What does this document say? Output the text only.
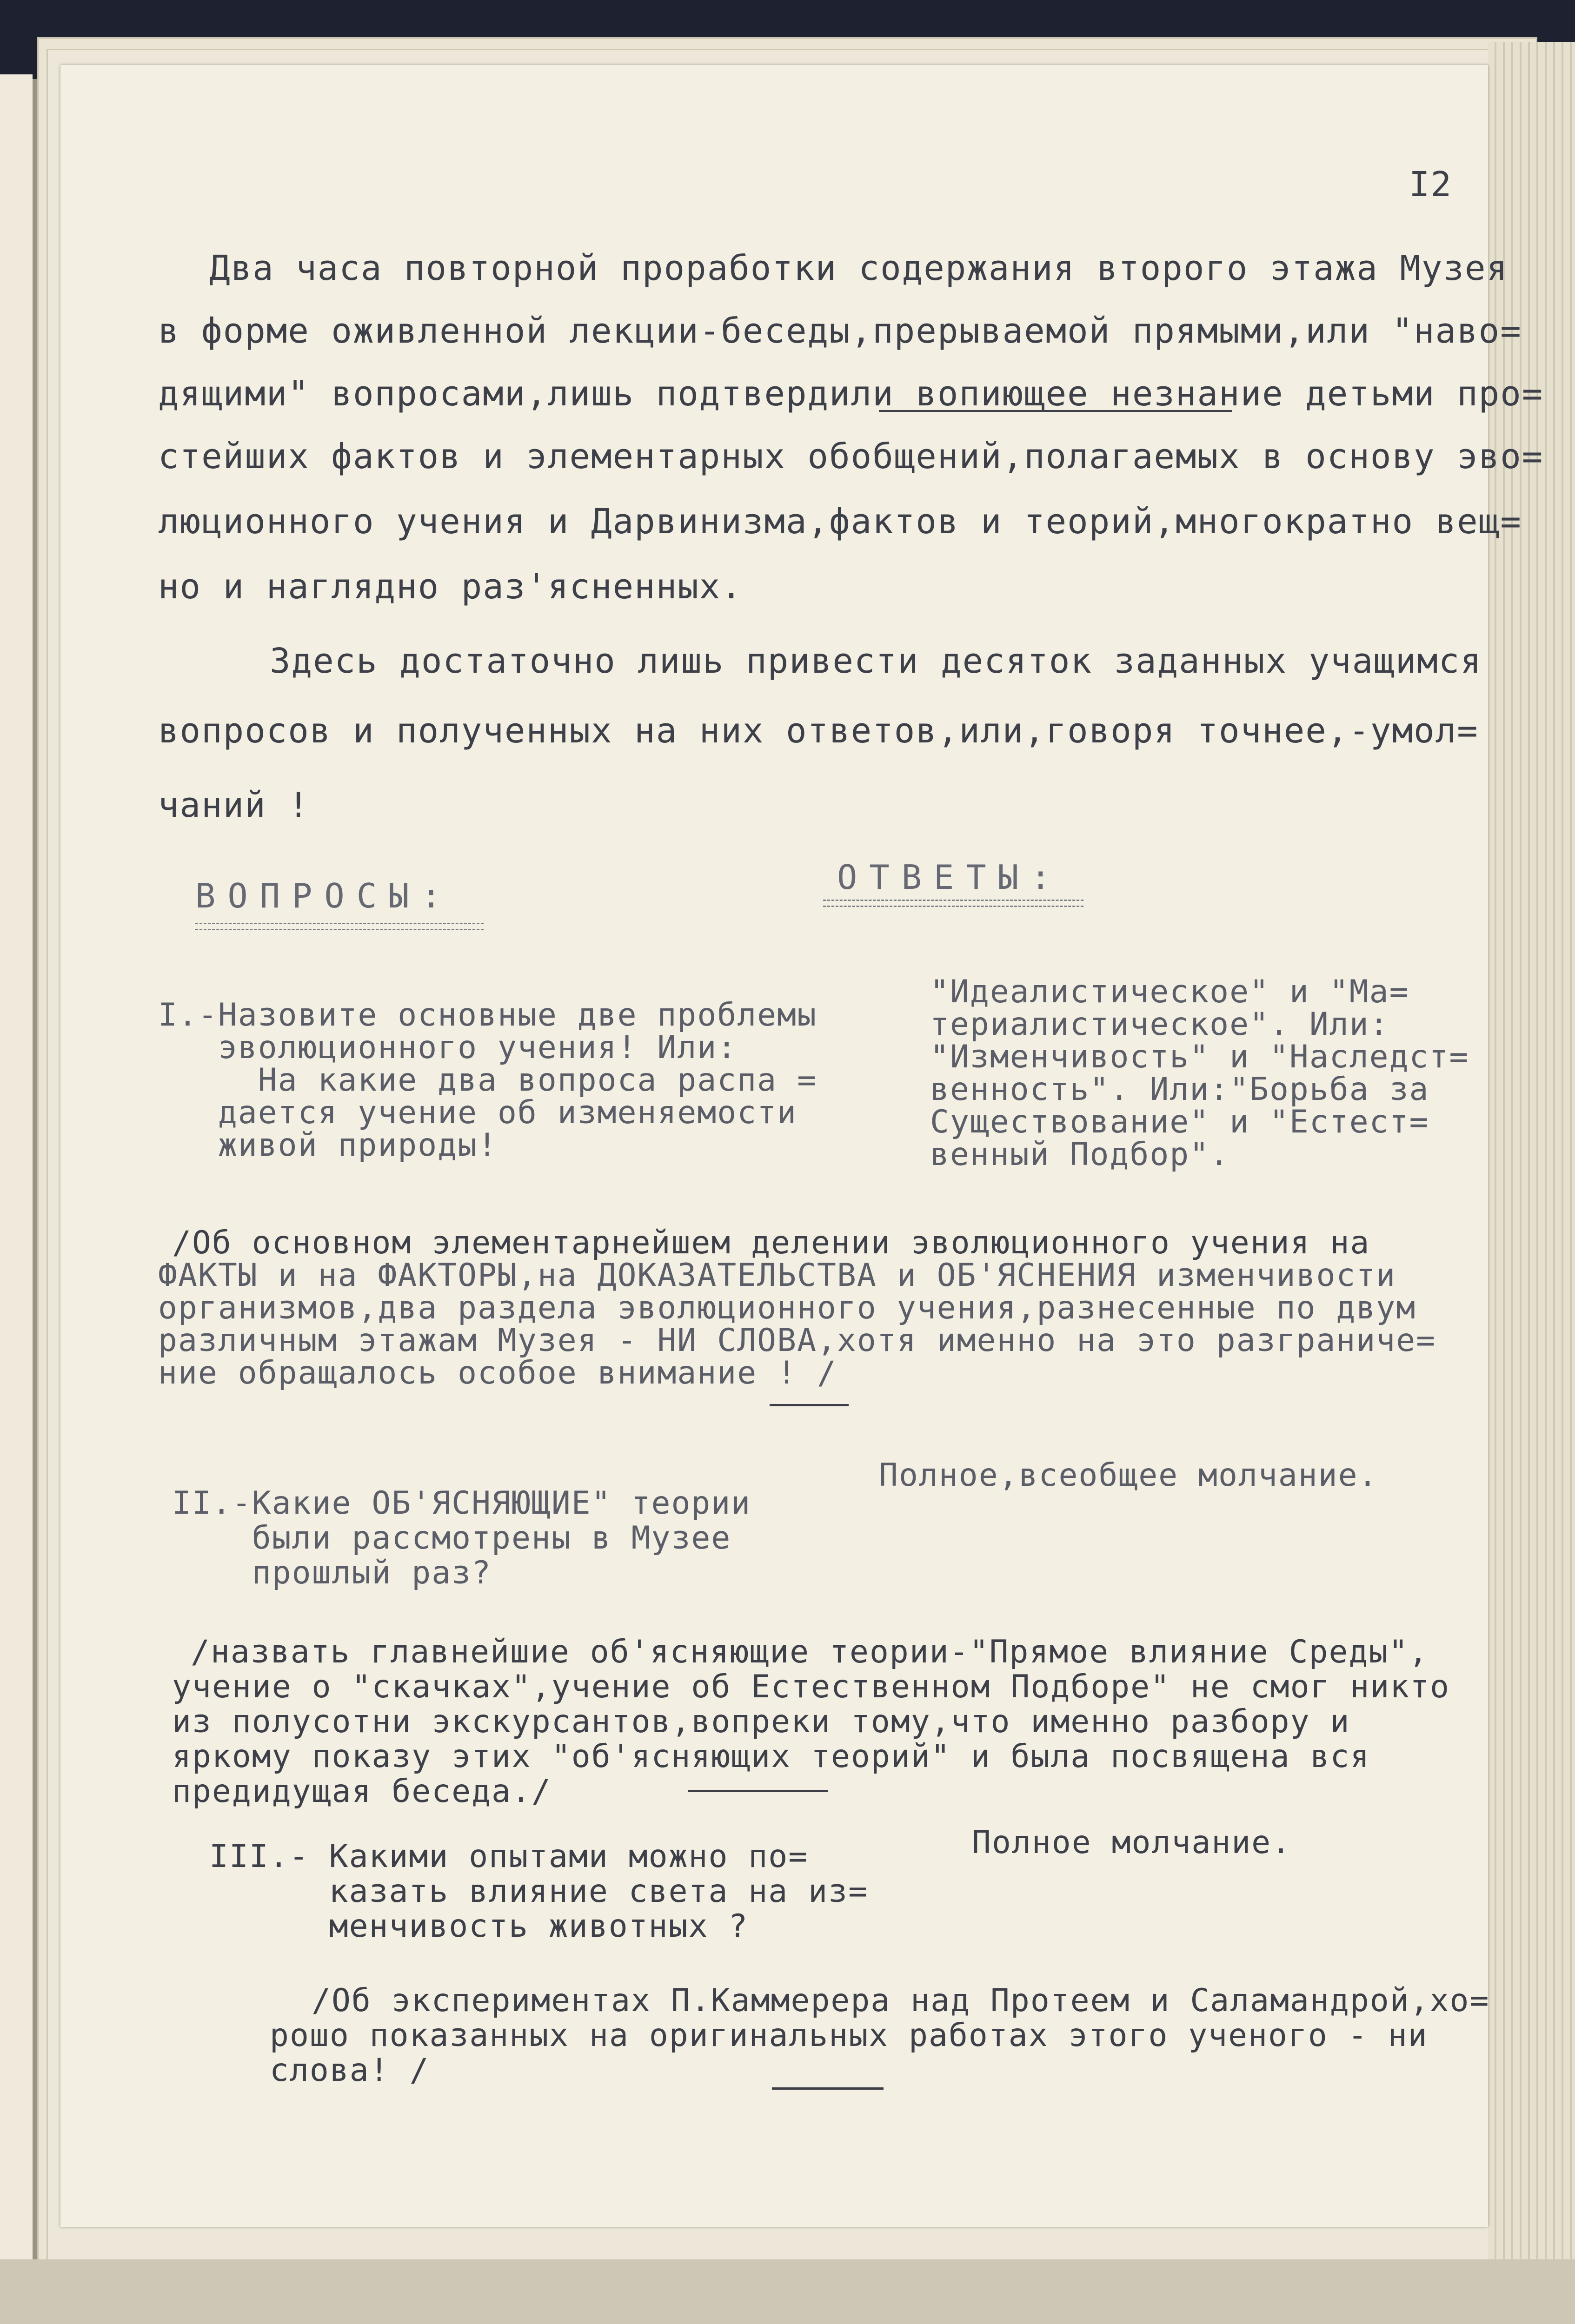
I2
Два часа повторной проработки содержания второго этажа Музея
в форме оживленной лекции-беседы,прерываемой прямыми,или "наво=
дящими" вопросами,лишь подтвердили вопиющее незнание детьми про=
стейших фактов и элементарных обобщений,полагаемых в основу эво=
люционного учения и Дарвинизма,фактов и теорий,многократно вещ=
но и наглядно раз'ясненных.
Здесь достаточно лишь привести десяток заданных учащимся
вопросов и полученных на них ответов,или,говоря точнее,-умол=
чаний !
ВОПРОСЫ:	ОТВЕТЫ:
I.-Назовите основные две проблемы
эволюционного учения! Или:
На какие два вопроса распа =
дается учение об изменяемости
живой природы!
"Идеалистическое" и "Ма=
териалистическое". Или:
"Изменчивость" и "Наследст=
венность". Или:"Борьба за
Существование" и "Естест=
венный Подбор".
/Об основном элементарнейшем делении эволюционного учения на
ФАКТЫ и на ФАКТОРЫ,на ДОКАЗАТЕЛЬСТВА и ОБ'ЯСНЕНИЯ изменчивости
организмов,два раздела эволюционного учения,разнесенные по двум
различным этажам Музея - НИ СЛОВА,хотя именно на это разграниче=
ние обращалось особое внимание ! /
II.-Какие ОБ'ЯСНЯЮЩИЕ" теории
были рассмотрены в Музее
прошлый раз?
Полное,всеобщее молчание.
/назвать главнейшие об'ясняющие теории-"Прямое влияние Среды",
учение о "скачках",учение об Естественном Подборе" не смог никто
из полусотни экскурсантов,вопреки тому,что именно разбору и
яркому показу этих "об'ясняющих теорий" и была посвящена вся
предидущая беседа./
III.- Какими опытами можно по=
казать влияние света на из=
менчивость животных ?
Полное молчание.
/Об экспериментах П.Каммерера над Протеем и Саламандрой,хо=
рошо показанных на оригинальных работах этого ученого - ни
слова! /
